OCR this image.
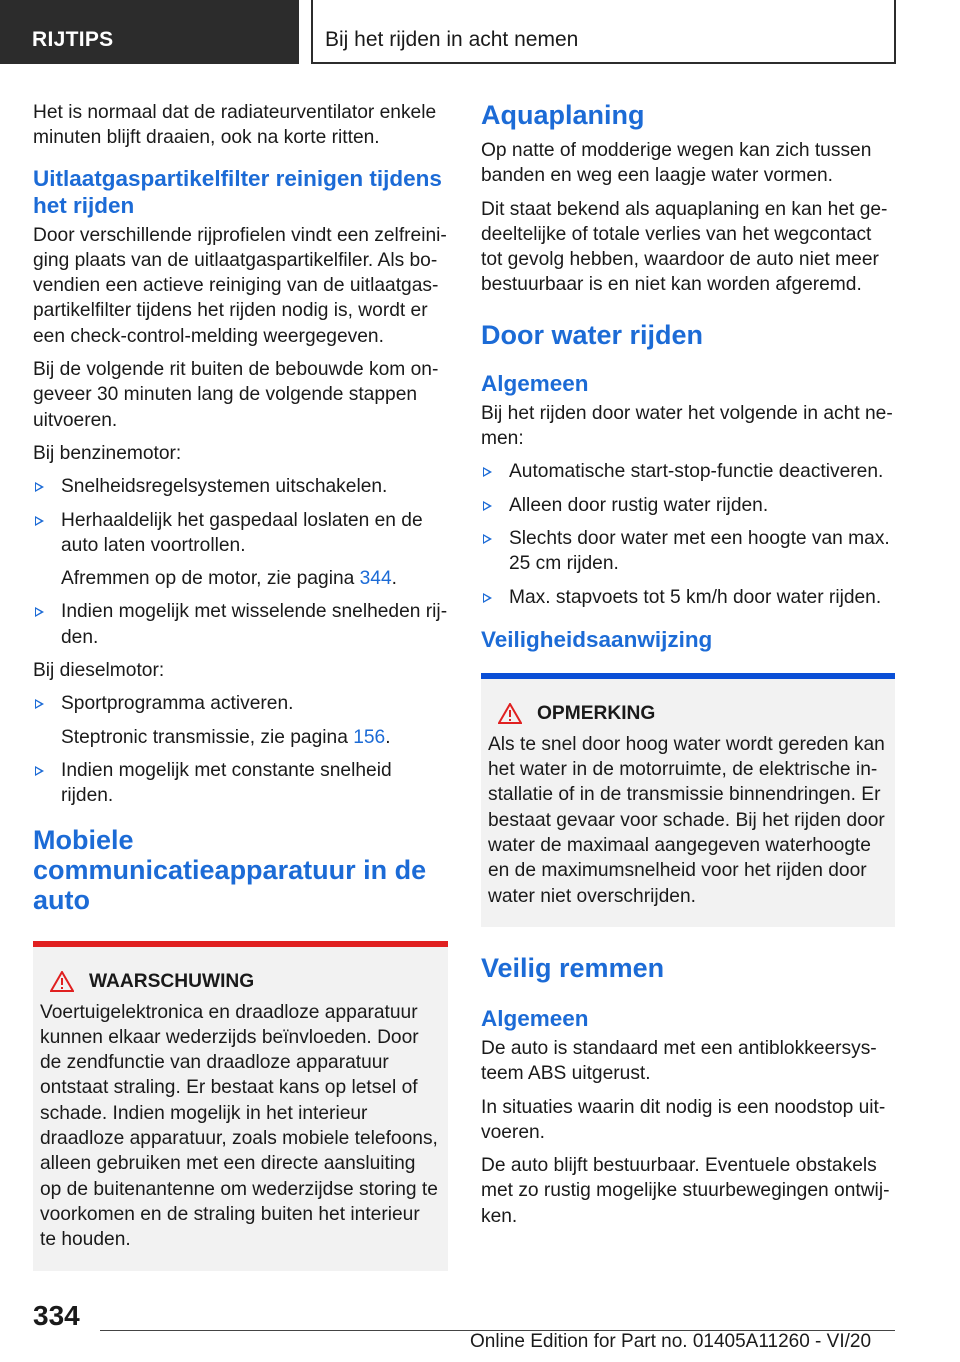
RIJTIPS	Bij het rijden in acht nemen

Het is normaal dat de radiateurventilator enkele minuten blijft draaien, ook na korte ritten.

Uitlaatgaspartikelfilter reinigen tijdens het rijden

Door verschillende rijprofielen vindt een zelfreiniging plaats van de uitlaatgaspartikelfiler. Als bovendien een actieve reiniging van de uitlaatgaspartikelfilter tijdens het rijden nodig is, wordt er een check-control-melding weergegeven.

Bij de volgende rit buiten de bebouwde kom ongeveer 30 minuten lang de volgende stappen uitvoeren.

Bij benzinemotor:

Snelheidsregelsystemen uitschakelen.
Herhaaldelijk het gaspedaal loslaten en de auto laten voortrollen.
Afremmen op de motor, zie pagina 344.
Indien mogelijk met wisselende snelheden rijden.

Bij dieselmotor:

Sportprogramma activeren.
Steptronic transmissie, zie pagina 156.
Indien mogelijk met constante snelheid rijden.
Mobiele communicatieapparatuur in de auto
WAARSCHUWING

Voertuigelektronica en draadloze apparatuur kunnen elkaar wederzijds beïnvloeden. Door de zendfunctie van draadloze apparatuur ontstaat straling. Er bestaat kans op letsel of schade. Indien mogelijk in het interieur draadloze apparatuur, zoals mobiele telefoons, alleen gebruiken met een directe aansluiting op de buitenantenne om wederzijdse storing te voorkomen en de straling buiten het interieur te houden.

Aquaplaning

Op natte of modderige wegen kan zich tussen banden en weg een laagje water vormen.

Dit staat bekend als aquaplaning en kan het gedeeltelijke of totale verlies van het wegcontact tot gevolg hebben, waardoor de auto niet meer bestuurbaar is en niet kan worden afgeremd.

Door water rijden
Algemeen

Bij het rijden door water het volgende in acht nemen:

Automatische start-stop-functie deactiveren.
Alleen door rustig water rijden.
Slechts door water met een hoogte van max. 25 cm rijden.
Max. stapvoets tot 5 km/h door water rijden.
Veiligheidsaanwijzing
OPMERKING

Als te snel door hoog water wordt gereden kan het water in de motorruimte, de elektrische installatie of in de transmissie binnendringen. Er bestaat gevaar voor schade. Bij het rijden door water de maximaal aangegeven waterhoogte en de maximumsnelheid voor het rijden door water niet overschrijden.

Veilig remmen
Algemeen

De auto is standaard met een antiblokkeersysteem ABS uitgerust.

In situaties waarin dit nodig is een noodstop uitvoeren.

De auto blijft bestuurbaar. Eventuele obstakels met zo rustig mogelijke stuurbewegingen ontwijken.

334
Online Edition for Part no. 01405A11260 - VI/20
